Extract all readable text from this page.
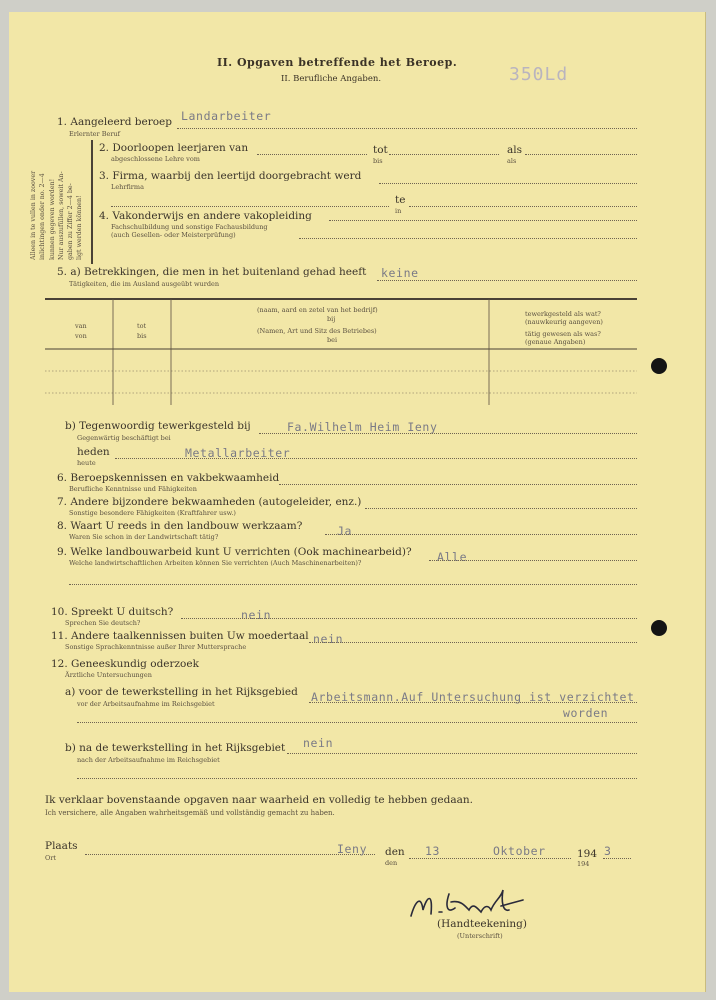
II. Opgaven betreffende het Beroep.
II. Berufliche Angaben.	350Ld
Alleen in te vullen in zoover inlichtingen onder no. 2—4 kunnen gegeven worden! Nur auszufüllen, soweit An- gaben zu Ziffer 2—4 be- ligt werden können!
1. Aangeleerd beroep
Erlernter Beruf
Landarbeiter
2. Doorloopen leerjaren van
abgeschlossene Lehre vom
tot
bis
als
als
3. Firma, waarbij den leertijd doorgebracht werd
Lehrfirma
te
in
4. Vakonderwijs en andere vakopleiding
Fachschulbildung und sonstige Fachausbildung
(auch Gesellen- oder Meisterprüfung)
5. a) Betrekkingen, die men in het buitenland gehad heeft
Tätigkeiten, die im Ausland ausgeübt wurden
keine
van
von
tot
bis
(naam, aard en zetel van het bedrijf)
bij
(Namen, Art und Sitz des Betriebes)
bei
tewerkgesteld als wat?
(nauwkeurig aangeven)
tätig gewesen als was?
(genaue Angaben)
b) Tegenwoordig tewerkgesteld bij
Gegenwärtig beschäftigt bei
Fa.Wilhelm Heim Ieny
heden
heute
Metallarbeiter
6. Beroepskennissen en vakbekwaamheid
Berufliche Kenntnisse und Fähigkeiten
7. Andere bijzondere bekwaamheden (autogeleider, enz.)
Sonstige besondere Fähigkeiten (Kraftfahrer usw.)
8. Waart U reeds in den landbouw werkzaam?
Waren Sie schon in der Landwirtschaft tätig?	Ja
9. Welke landbouwarbeid kunt U verrichten (Ook machinearbeid)?
Welche landwirtschaftlichen Arbeiten können Sie verrichten (Auch Maschinenarbeiten)?	Alle
10. Spreekt U duitsch?
Sprechen Sie deutsch?
nein
11. Andere taalkennissen buiten Uw moedertaal
Sonstige Sprachkenntnisse außer Ihrer Muttersprache
nein
12. Geneeskundig oderzoek
Ärztliche Untersuchungen
a) voor de tewerkstelling in het Rijksgebied
vor der Arbeitsaufnahme im Reichsgebiet	Arbeitsmann.Auf Untersuchung ist verzichtet
worden
b) na de tewerkstelling in het Rijksgebiet
nach der Arbeitsaufnahme im Reichsgebiet
nein
Ik verklaar bovenstaande opgaven naar waarheid en volledig te hebben gedaan.
Ich versichere, alle Angaben wahrheitsgemäß und vollständig gemacht zu haben.
Plaats
Ort
Ieny den
den
13	Oktober	194
194
3
(Handteekening)
(Unterschrift)
